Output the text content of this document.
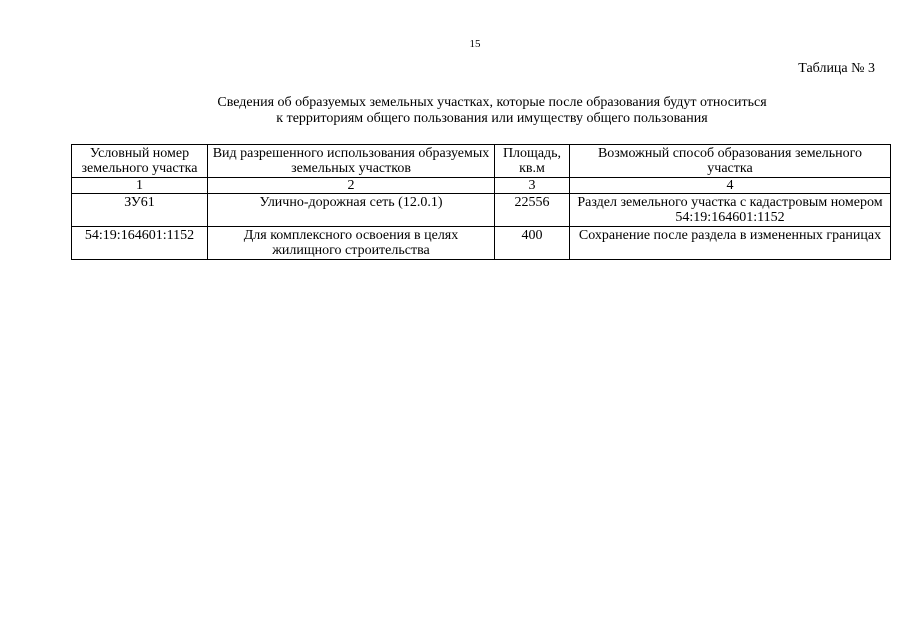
15
Таблица № 3
Сведения об образуемых земельных участках, которые после образования будут относиться
к территориям общего пользования или имуществу общего пользования
Условный номер земельного участка	Вид разрешенного использования образуемых земельных участков	Площадь, кв.м	Возможный способ образования земельного участка
1	2	3	4
ЗУ61	Улично-дорожная сеть (12.0.1)	22556	Раздел земельного участка с кадастровым номером 54:19:164601:1152
54:19:164601:1152	Для комплексного освоения в целях жилищного строительства	400	Сохранение после раздела в измененных границах
